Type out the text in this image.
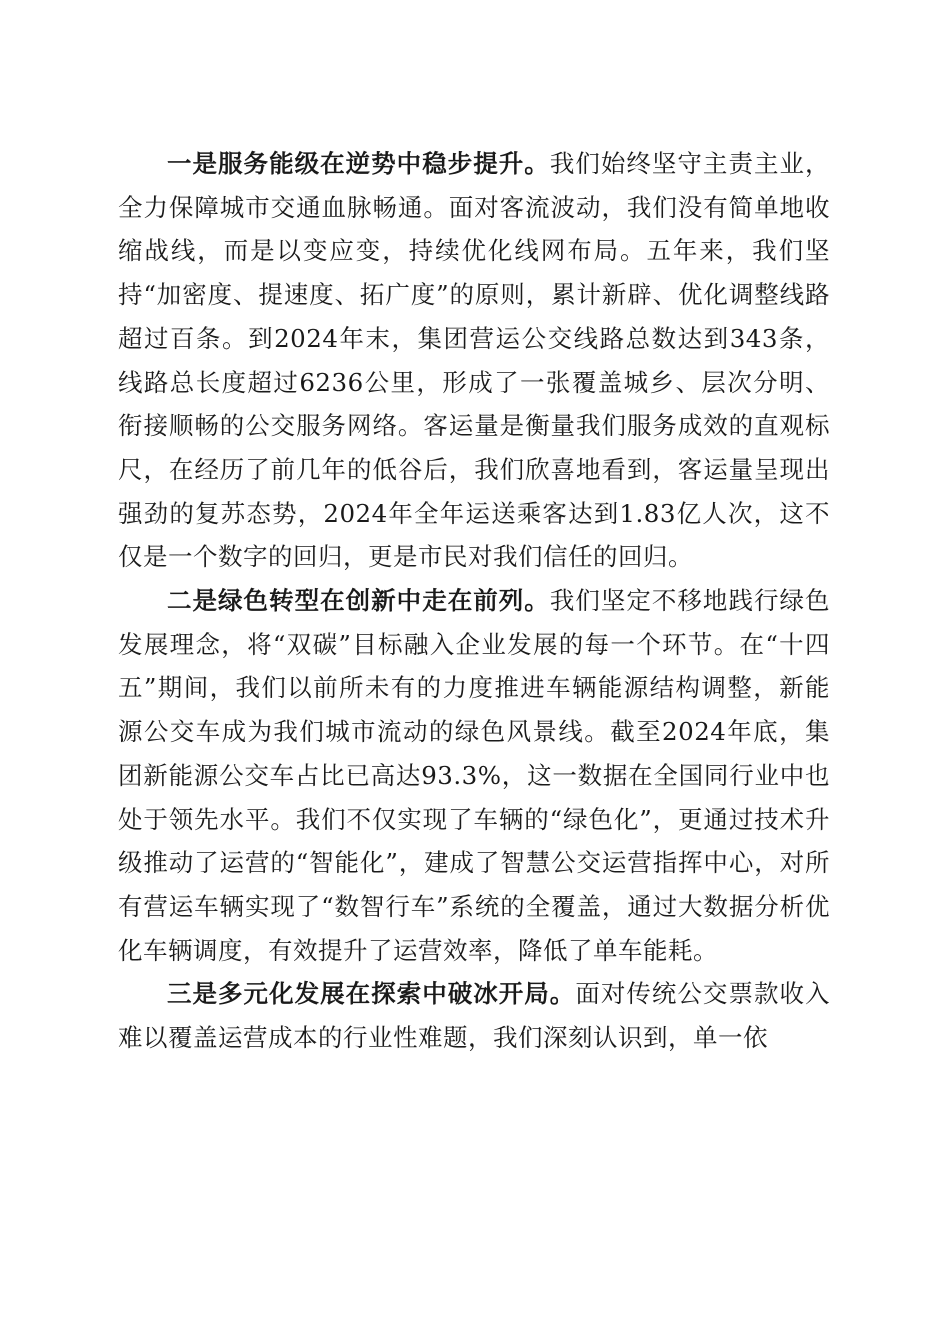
一是服务能级在逆势中稳步提升。我们始终坚守主责主业，全力保障城市交通血脉畅通。面对客流波动，我们没有简单地收缩战线，而是以变应变，持续优化线网布局。五年来，我们坚持“加密度、提速度、拓广度”的原则，累计新辟、优化调整线路超过百条。到2024年末，集团营运公交线路总数达到343条，线路总长度超过6236公里，形成了一张覆盖城乡、层次分明、衔接顺畅的公交服务网络。客运量是衡量我们服务成效的直观标尺，在经历了前几年的低谷后，我们欣喜地看到，客运量呈现出强劲的复苏态势，2024年全年运送乘客达到1.83亿人次，这不仅是一个数字的回归，更是市民对我们信任的回归。

二是绿色转型在创新中走在前列。我们坚定不移地践行绿色发展理念，将“双碳”目标融入企业发展的每一个环节。在“十四五”期间，我们以前所未有的力度推进车辆能源结构调整，新能源公交车成为我们城市流动的绿色风景线。截至2024年底，集团新能源公交车占比已高达93.3%，这一数据在全国同行业中也处于领先水平。我们不仅实现了车辆的“绿色化”，更通过技术升级推动了运营的“智能化”，建成了智慧公交运营指挥中心，对所有营运车辆实现了“数智行车”系统的全覆盖，通过大数据分析优化车辆调度，有效提升了运营效率，降低了单车能耗。

三是多元化发展在探索中破冰开局。面对传统公交票款收入难以覆盖运营成本的行业性难题，我们深刻认识到，单一依
